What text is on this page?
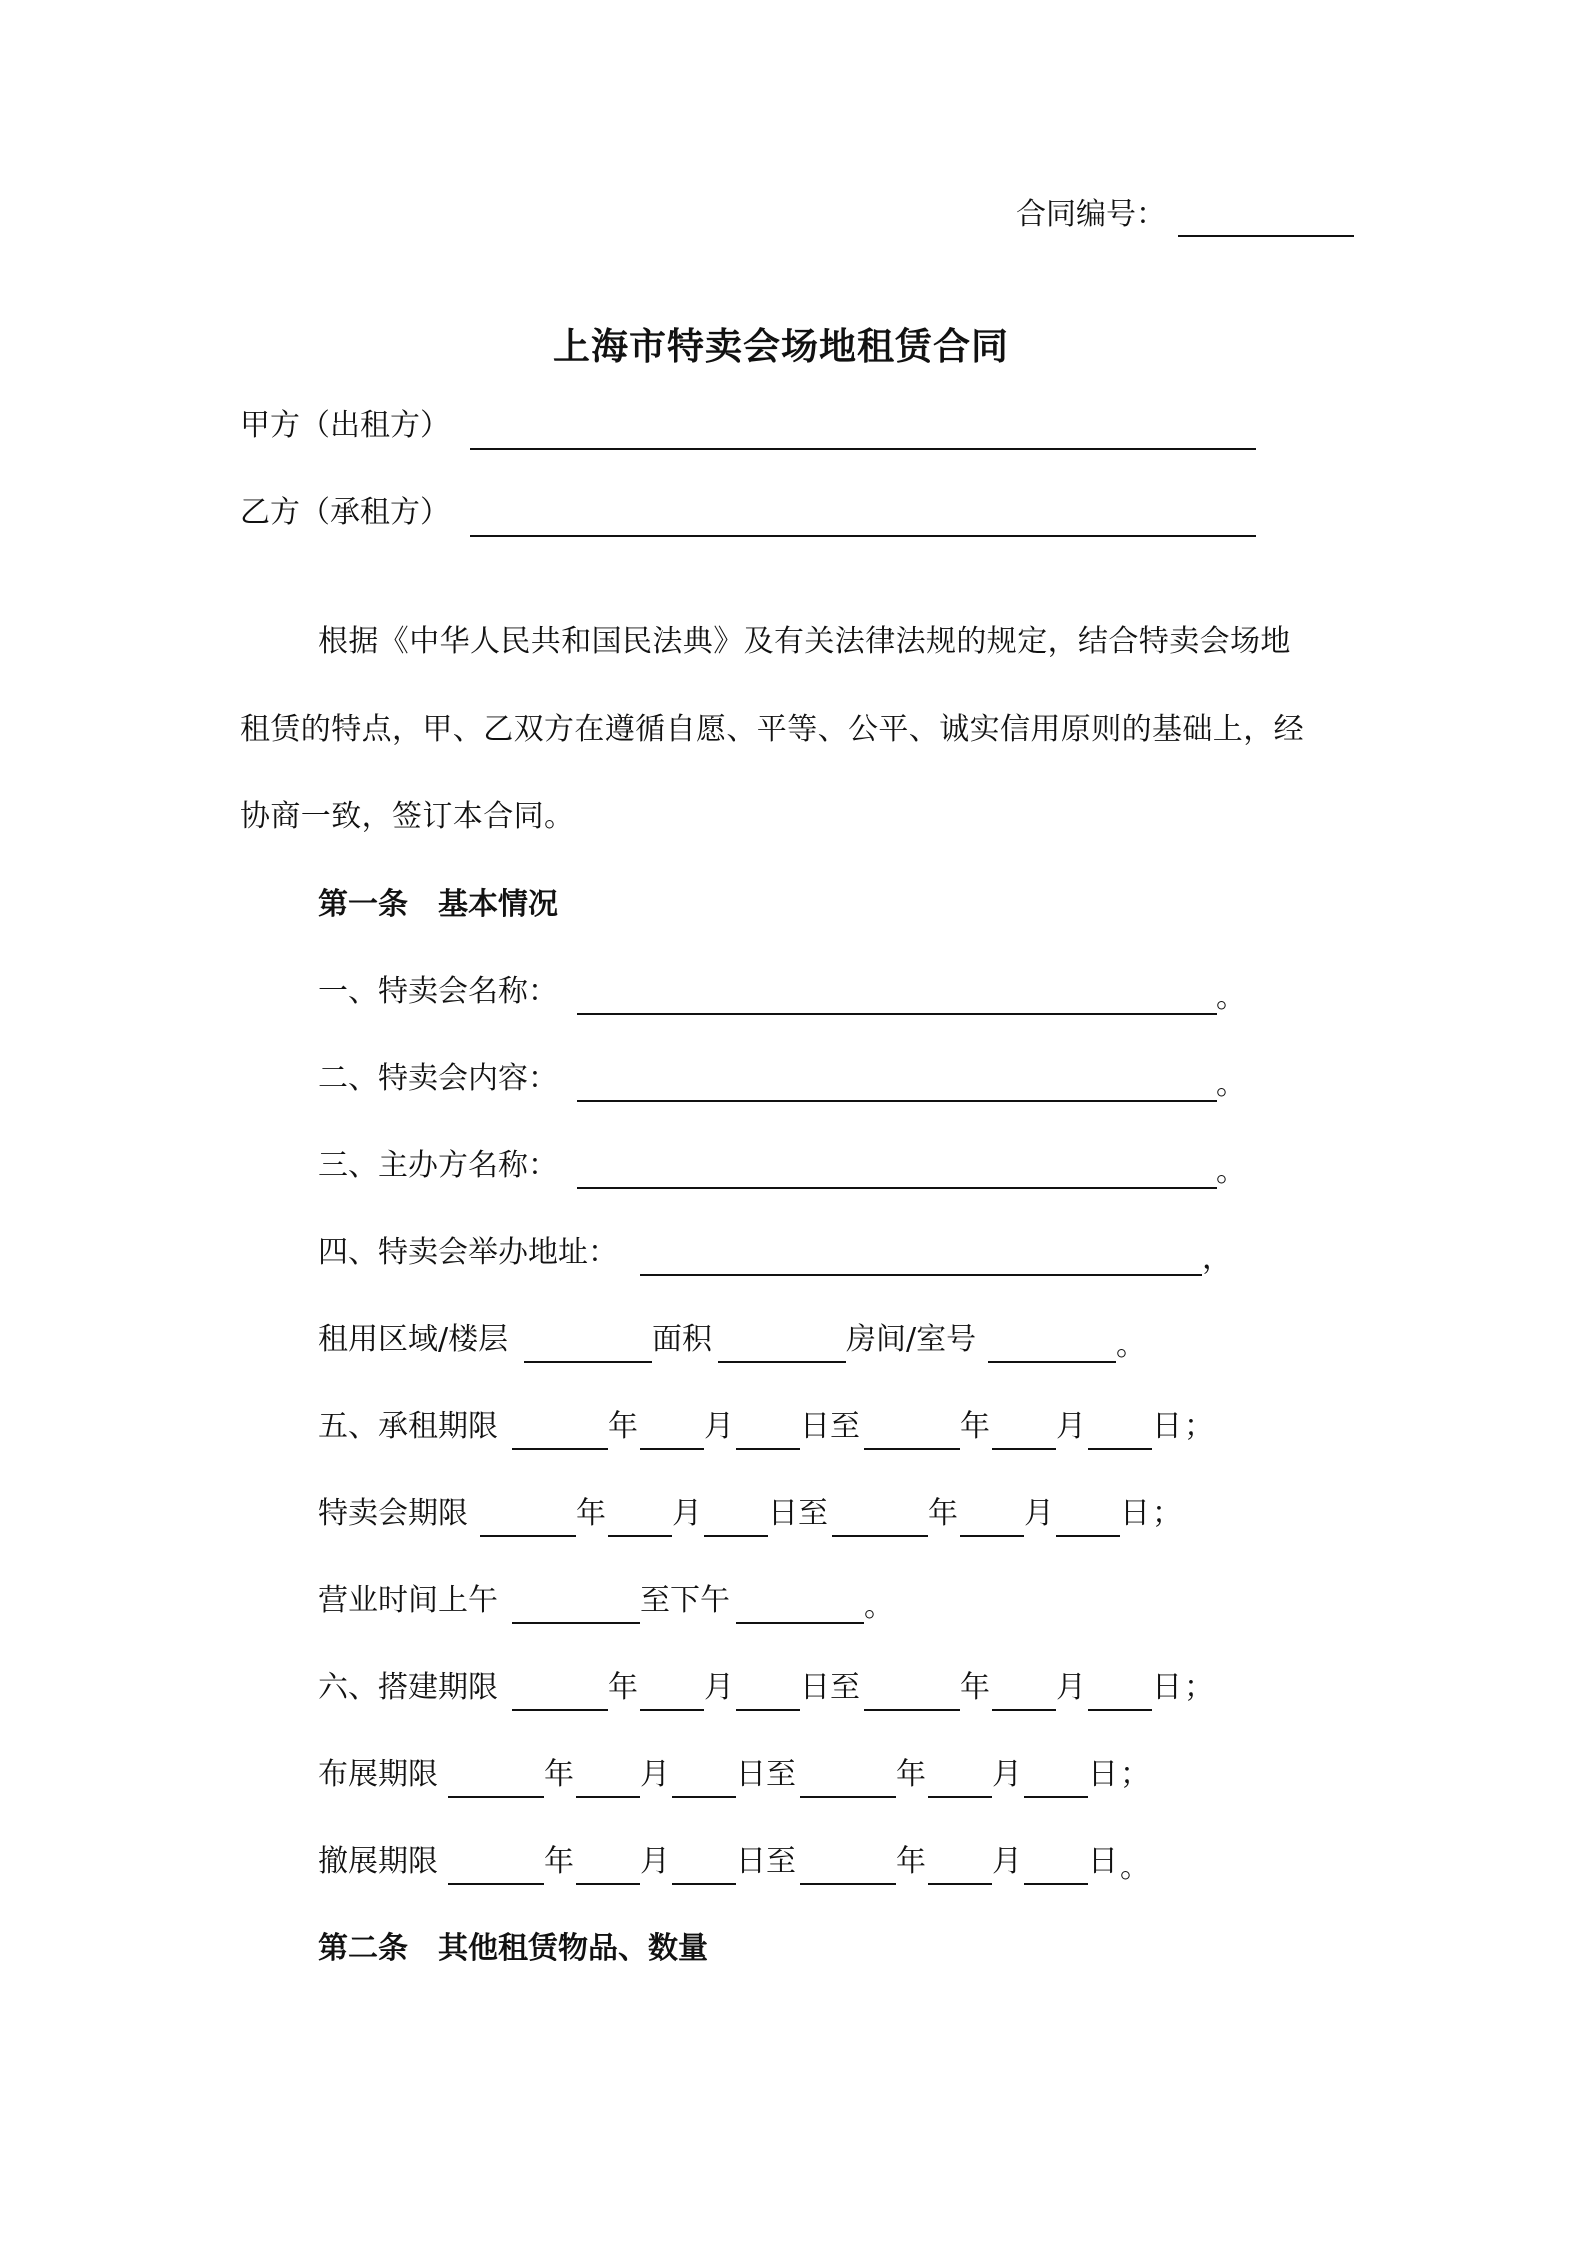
合同编号：
上海市特卖会场地租赁合同
甲方（出租方）
乙方（承租方）
根据《中华人民共和国民法典》及有关法律法规的规定，结合特卖会场地
租赁的特点，甲、乙双方在遵循自愿、平等、公平、诚实信用原则的基础上，经
协商一致，签订本合同。
第一条　基本情况
一、特卖会名称：	。
二、特卖会内容：	。
三、主办方名称：	。
四、特卖会举办地址：	，
租用区域/楼层	面积	房间/室号	。
五、承租期限	年 月 日至	年 月 日 ；
特卖会期限	年 月 日至	年 月 日 ；
营业时间上午	至下午	。
六、搭建期限	年 月 日至	年 月 日 ；
布展期限	年 月 日至	年 月 日 ；
撤展期限	年 月 日至	年 月 日 。
第二条　其他租赁物品、数量
